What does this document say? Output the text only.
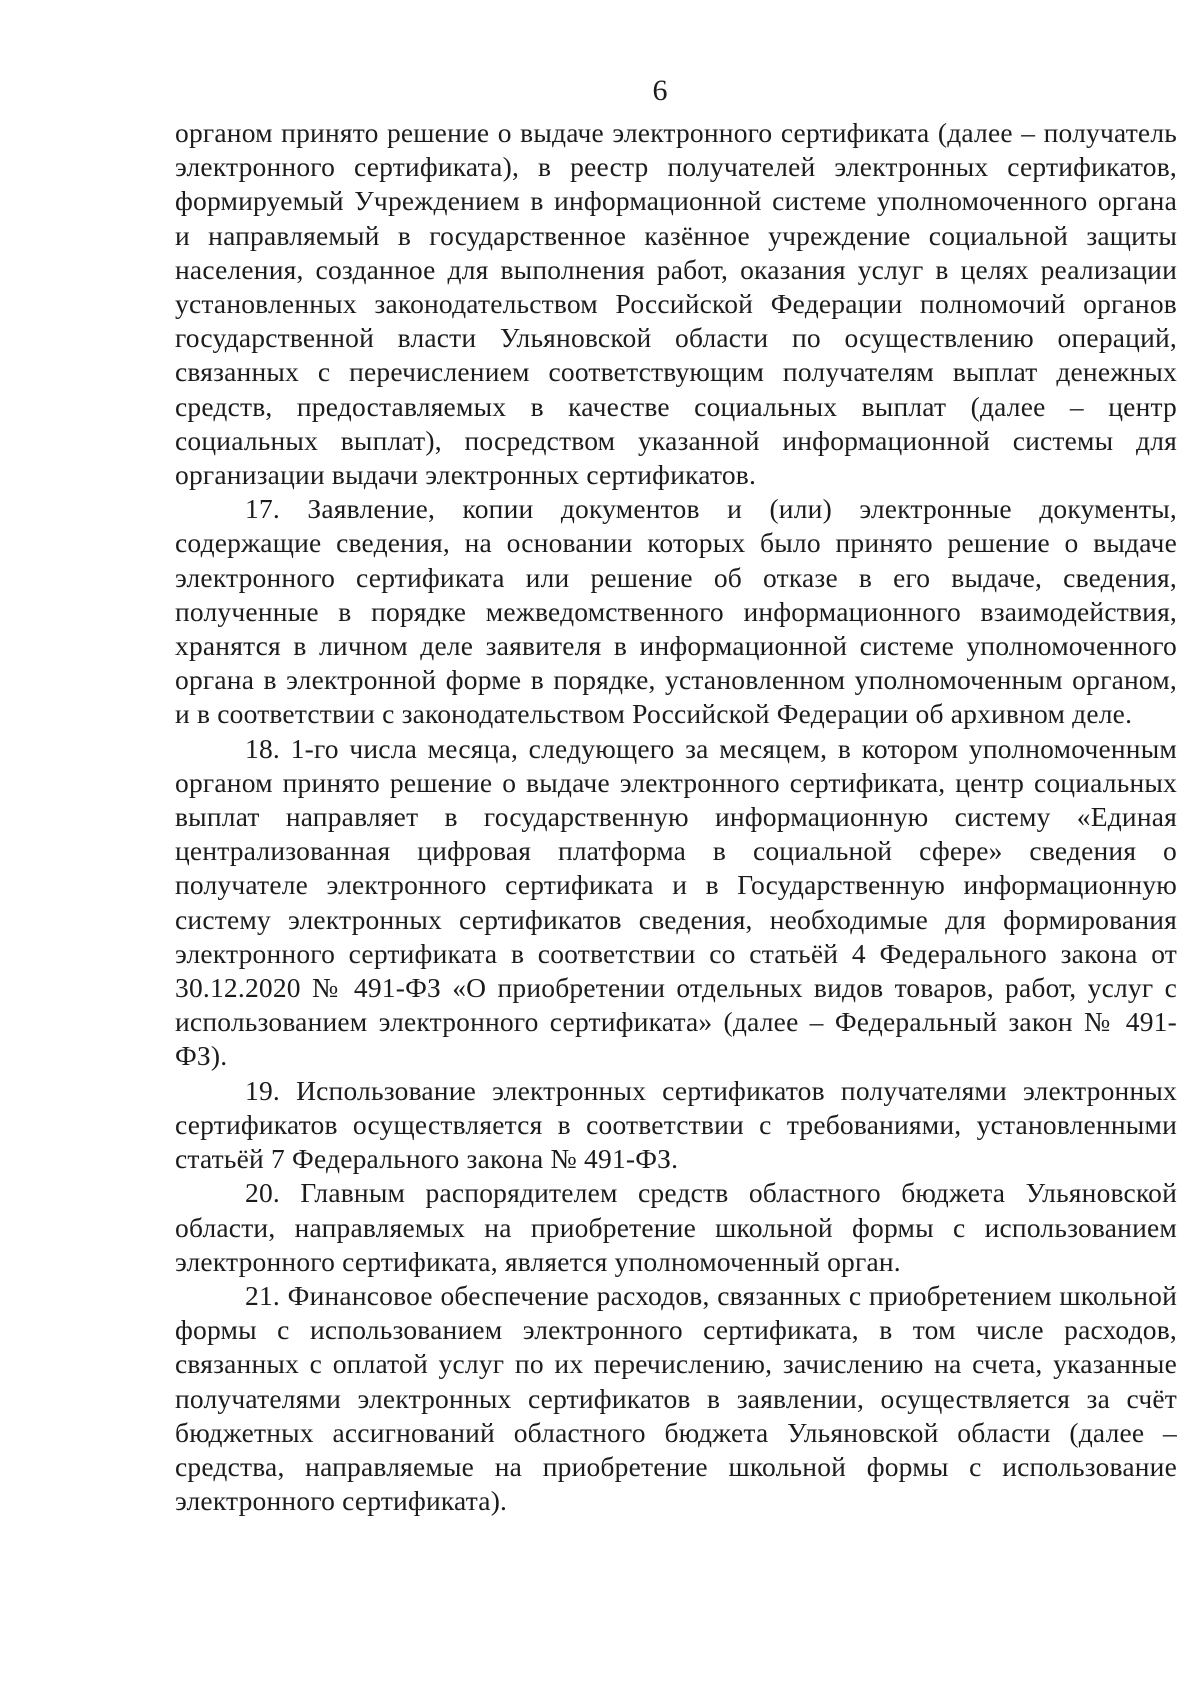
6

органом принято решение о выдаче электронного сертификата (далее – получатель электронного сертификата), в реестр получателей электронных сертификатов, формируемый Учреждением в информационной системе уполномоченного органа и направляемый в государственное казённое учреждение социальной защиты населения, созданное для выполнения работ, оказания услуг в целях реализации установленных законодательством Российской Федерации полномочий органов государственной власти Ульяновской области по осуществлению операций, связанных с перечислением соответствующим получателям выплат денежных средств, предоставляемых в качестве социальных выплат (далее – центр социальных выплат), посредством указанной информационной системы для организации выдачи электронных сертификатов.

17. Заявление, копии документов и (или) электронные документы, содержащие сведения, на основании которых было принято решение о выдаче электронного сертификата или решение об отказе в его выдаче, сведения, полученные в порядке межведомственного информационного взаимодействия, хранятся в личном деле заявителя в информационной системе уполномоченного органа в электронной форме в порядке, установленном уполномоченным органом, и в соответствии с законодательством Российской Федерации об архивном деле.

18. 1-го числа месяца, следующего за месяцем, в котором уполномоченным органом принято решение о выдаче электронного сертификата, центр социальных выплат направляет в государственную информационную систему «Единая централизованная цифровая платформа в социальной сфере» сведения о получателе электронного сертификата и в Государственную информационную систему электронных сертификатов сведения, необходимые для формирования электронного сертификата в соответствии со статьёй 4 Федерального закона от 30.12.2020 № 491-ФЗ «О приобретении отдельных видов товаров, работ, услуг с использованием электронного сертификата» (далее – Федеральный закон № 491-ФЗ).

19. Использование электронных сертификатов получателями электронных сертификатов осуществляется в соответствии с требованиями, установленными статьёй 7 Федерального закона № 491-ФЗ.

20. Главным распорядителем средств областного бюджета Ульяновской области, направляемых на приобретение школьной формы с использованием электронного сертификата, является уполномоченный орган.

21. Финансовое обеспечение расходов, связанных с приобретением школьной формы с использованием электронного сертификата, в том числе расходов, связанных с оплатой услуг по их перечислению, зачислению на счета, указанные получателями электронных сертификатов в заявлении, осуществляется за счёт бюджетных ассигнований областного бюджета Ульяновской области (далее – средства, направляемые на приобретение школьной формы с использование электронного сертификата).
